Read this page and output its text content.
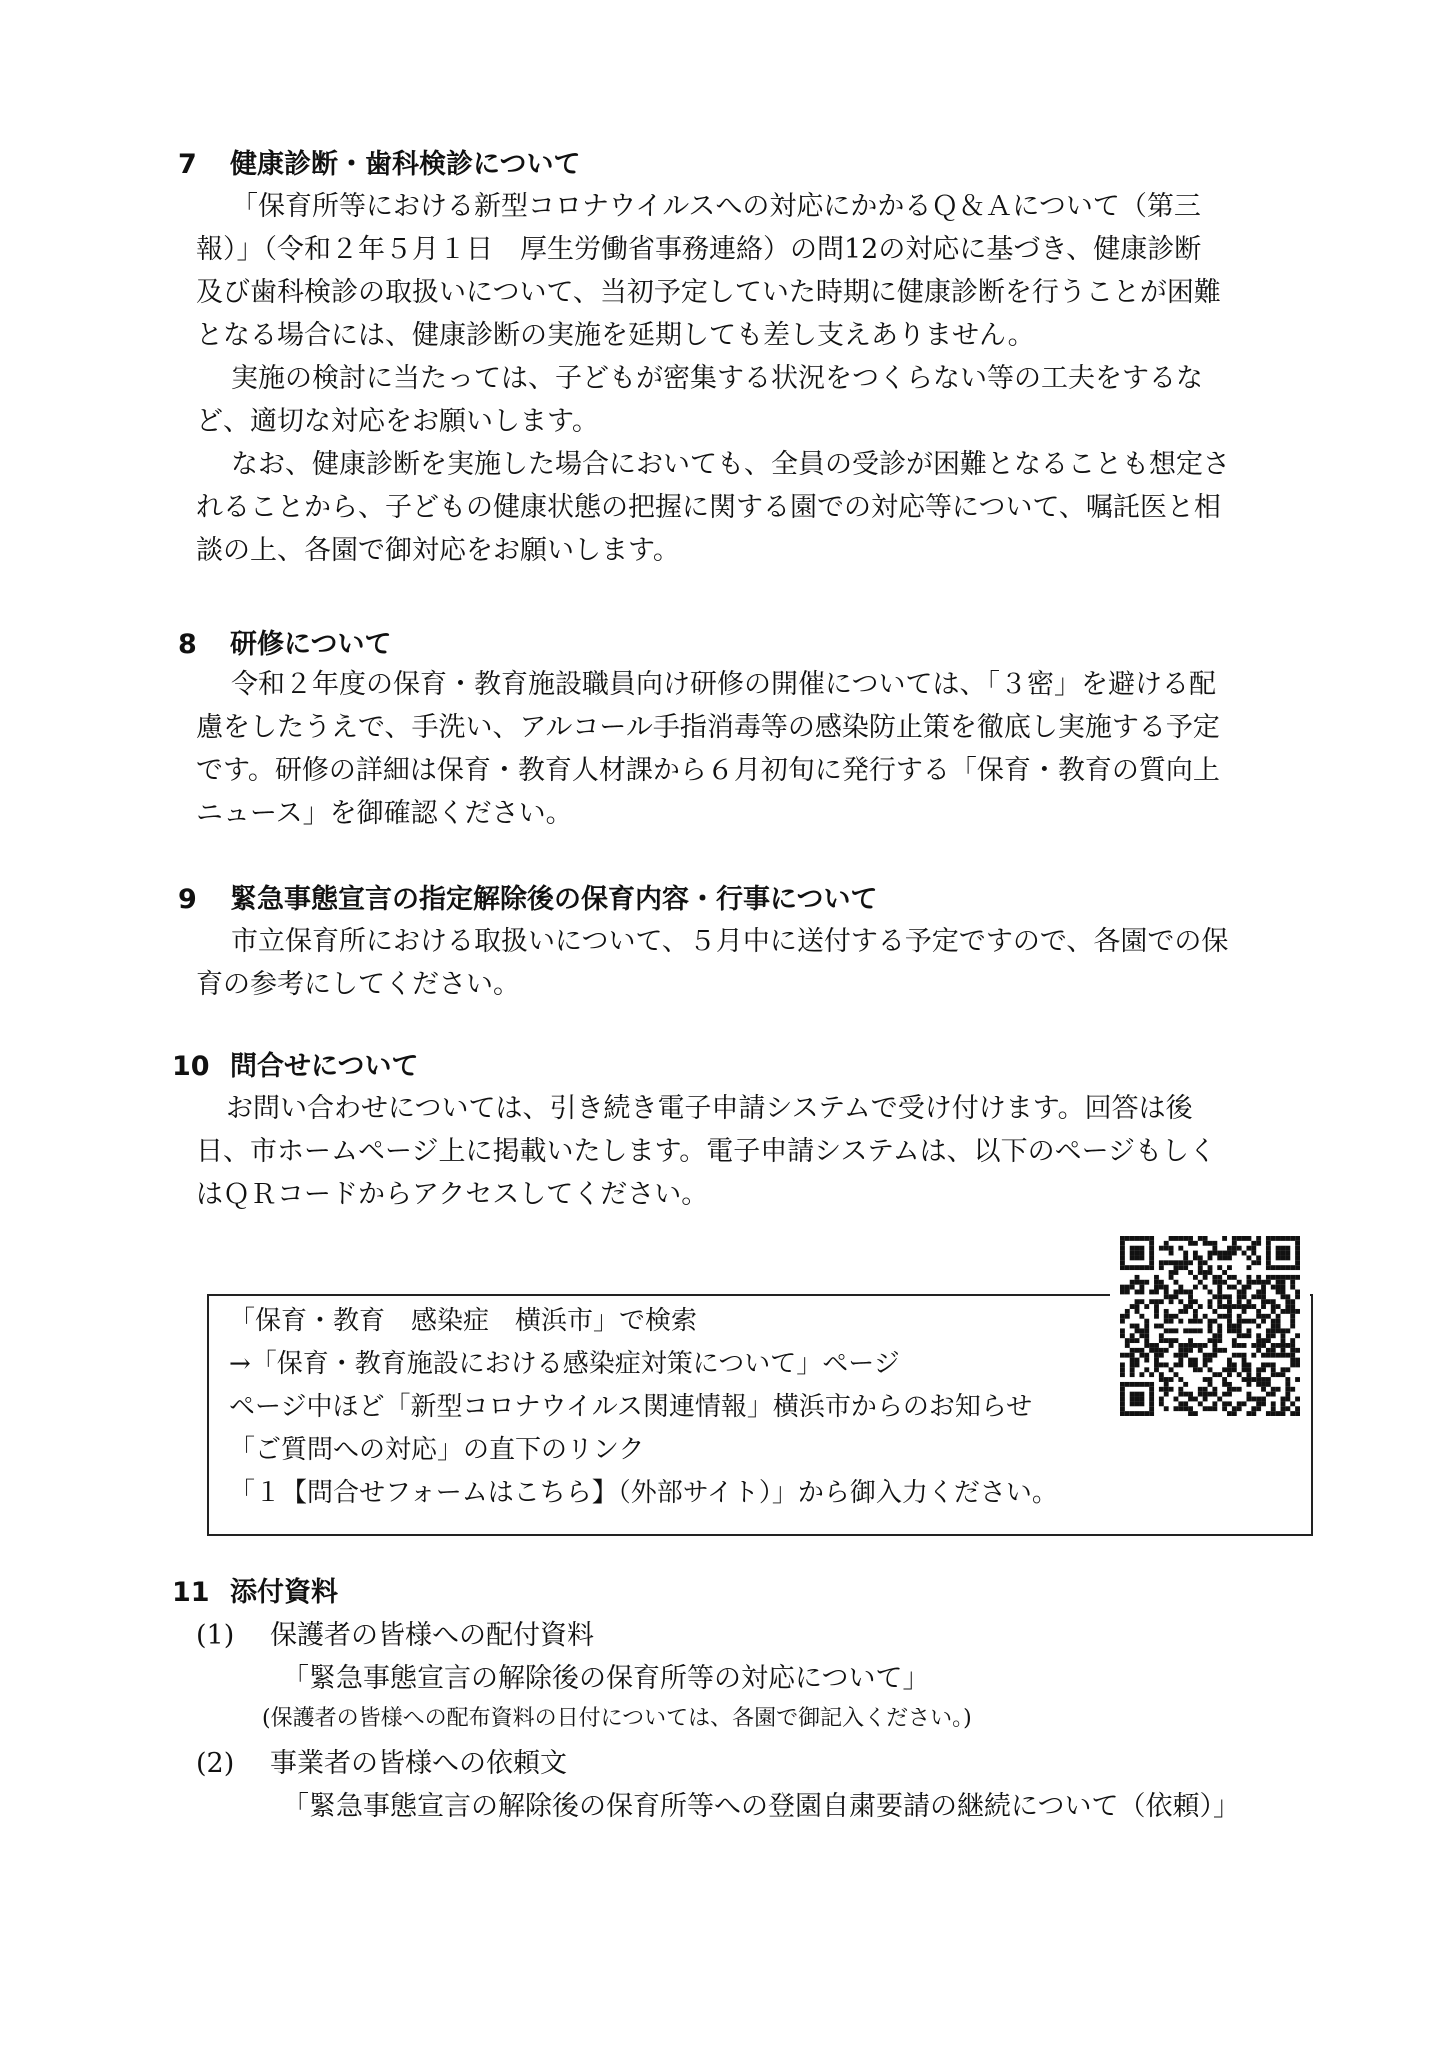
7 健康診断・歯科検診について
「保育所等における新型コロナウイルスへの対応にかかるＱ＆Ａについて（第三
報）」（令和２年５月１日　厚生労働省事務連絡）の問12の対応に基づき、健康診断
及び歯科検診の取扱いについて、当初予定していた時期に健康診断を行うことが困難
となる場合には、健康診断の実施を延期しても差し支えありません。
実施の検討に当たっては、子どもが密集する状況をつくらない等の工夫をするな
ど、適切な対応をお願いします。
なお、健康診断を実施した場合においても、全員の受診が困難となることも想定さ
れることから、子どもの健康状態の把握に関する園での対応等について、嘱託医と相
談の上、各園で御対応をお願いします。
8 研修について
令和２年度の保育・教育施設職員向け研修の開催については、「３密」を避ける配
慮をしたうえで、手洗い、アルコール手指消毒等の感染防止策を徹底し実施する予定
です。研修の詳細は保育・教育人材課から６月初旬に発行する「保育・教育の質向上
ニュース」を御確認ください。
9 緊急事態宣言の指定解除後の保育内容・行事について
市立保育所における取扱いについて、５月中に送付する予定ですので、各園での保
育の参考にしてください。
10 問合せについて
お問い合わせについては、引き続き電子申請システムで受け付けます。回答は後
日、市ホームページ上に掲載いたします。電子申請システムは、以下のページもしく
はＱＲコードからアクセスしてください。
「保育・教育　感染症　横浜市」で検索
→「保育・教育施設における感染症対策について」ページ
ページ中ほど「新型コロナウイルス関連情報」横浜市からのお知らせ
「ご質問への対応」の直下のリンク
「１【問合せフォームはこちら】（外部サイト）」から御入力ください。
11 添付資料
(1) 保護者の皆様への配付資料
「緊急事態宣言の解除後の保育所等の対応について」
(保護者の皆様への配布資料の日付については、各園で御記入ください。)
(2) 事業者の皆様への依頼文
「緊急事態宣言の解除後の保育所等への登園自粛要請の継続について（依頼）」
